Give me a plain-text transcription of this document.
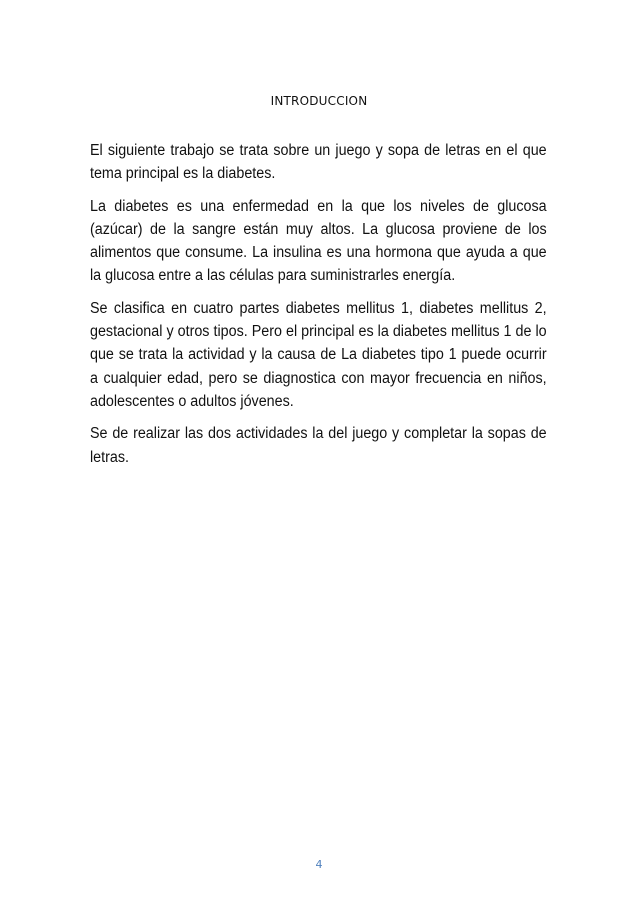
INTRODUCCION

El siguiente trabajo se trata sobre un juego y sopa de letras en el que tema principal es la diabetes.

La diabetes es una enfermedad en la que los niveles de glucosa (azúcar) de la sangre están muy altos. La glucosa proviene de los alimentos que consume. La insulina es una hormona que ayuda a que la glucosa entre a las células para suministrarles energía.

Se clasifica en cuatro partes diabetes mellitus 1, diabetes mellitus 2, gestacional y otros tipos. Pero el principal es la diabetes mellitus 1 de lo que se trata la actividad y la causa de La diabetes tipo 1 puede ocurrir a cualquier edad, pero se diagnostica con mayor frecuencia en niños, adolescentes o adultos jóvenes.

Se de realizar las dos actividades la del juego y completar la sopas de letras.

4
